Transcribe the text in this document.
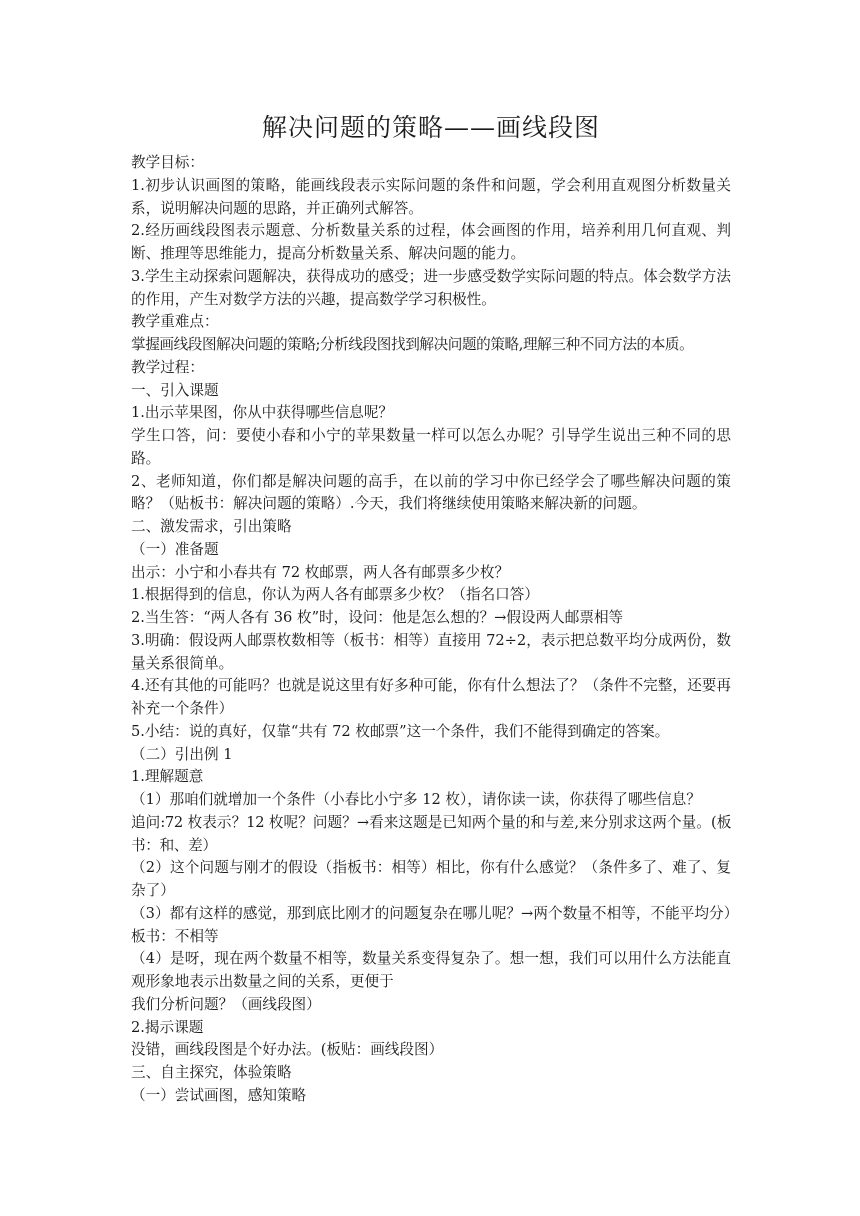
解决问题的策略——画线段图

教学目标：

1.初步认识画图的策略，能画线段表示实际问题的条件和问题，学会利用直观图分析数量关系，说明解决问题的思路，并正确列式解答。

2.经历画线段图表示题意、分析数量关系的过程，体会画图的作用，培养利用几何直观、判断、推理等思维能力，提高分析数量关系、解决问题的能力。

3.学生主动探索问题解决，获得成功的感受；进一步感受数学实际问题的特点。体会数学方法的作用，产生对数学方法的兴趣，提高数学学习积极性。

教学重难点：

掌握画线段图解决问题的策略;分析线段图找到解决问题的策略,理解三种不同方法的本质。

教学过程：

一、引入课题

1.出示苹果图，你从中获得哪些信息呢？

学生口答，问：要使小春和小宁的苹果数量一样可以怎么办呢？引导学生说出三种不同的思路。

2、老师知道，你们都是解决问题的高手，在以前的学习中你已经学会了哪些解决问题的策略？（贴板书：解决问题的策略）.今天，我们将继续使用策略来解决新的问题。

二、激发需求，引出策略

（一）准备题

出示：小宁和小春共有 72 枚邮票，两人各有邮票多少枚？

1.根据得到的信息，你认为两人各有邮票多少枚？（指名口答）

2.当生答：“两人各有 36 枚”时，设问：他是怎么想的？→假设两人邮票相等

3.明确：假设两人邮票枚数相等（板书：相等）直接用 72÷2，表示把总数平均分成两份，数量关系很简单。

4.还有其他的可能吗？也就是说这里有好多种可能，你有什么想法了？（条件不完整，还要再补充一个条件）

5.小结：说的真好，仅靠“共有 72 枚邮票”这一个条件，我们不能得到确定的答案。

（二）引出例 1

1.理解题意

（1）那咱们就增加一个条件（小春比小宁多 12 枚），请你读一读，你获得了哪些信息？

追问:72 枚表示？12 枚呢？问题？→看来这题是已知两个量的和与差,来分别求这两个量。(板书：和、差）

（2）这个问题与刚才的假设（指板书：相等）相比，你有什么感觉？（条件多了、难了、复杂了）

（3）都有这样的感觉，那到底比刚才的问题复杂在哪儿呢？→两个数量不相等，不能平均分）板书：不相等

（4）是呀，现在两个数量不相等，数量关系变得复杂了。想一想，我们可以用什么方法能直观形象地表示出数量之间的关系，更便于

我们分析问题？（画线段图）

2.揭示课题

没错，画线段图是个好办法。(板贴：画线段图）

三、自主探究，体验策略

（一）尝试画图，感知策略
